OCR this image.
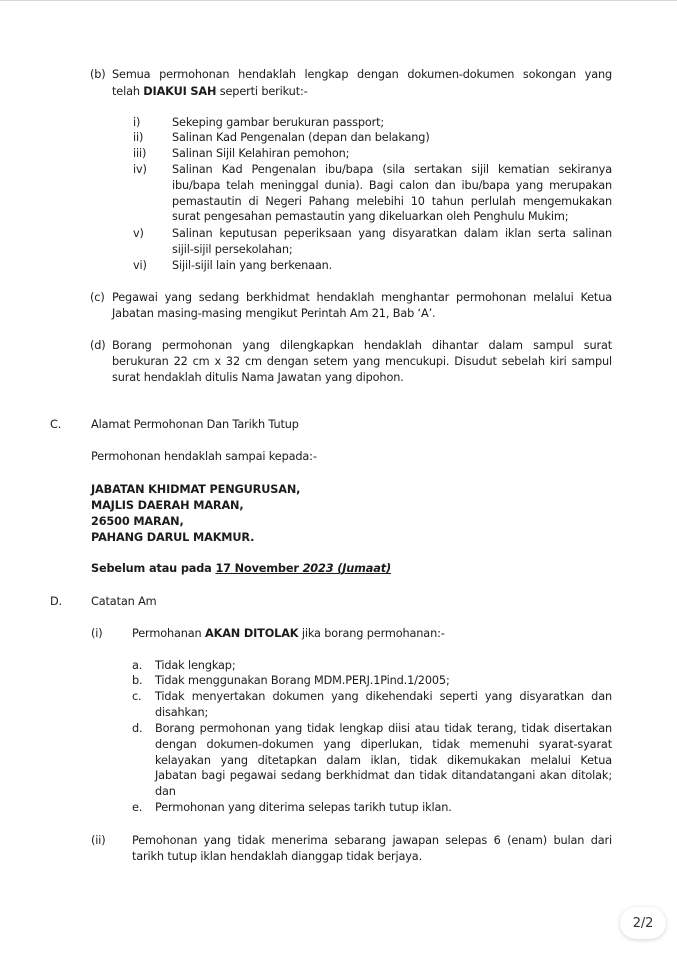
(b) Semua permohonan hendaklah lengkap dengan dokumen-dokumen sokongan yang
telah DIAKUI SAH seperti berikut:-
i)	Sekeping gambar berukuran passport;
ii)	Salinan Kad Pengenalan (depan dan belakang)
iii) Salinan Sijil Kelahiran pemohon;
iv) Salinan Kad Pengenalan ibu/bapa (sila sertakan sijil kematian sekiranya
ibu/bapa telah meninggal dunia). Bagi calon dan ibu/bapa yang merupakan
pemastautin di Negeri Pahang melebihi 10 tahun perlulah mengemukakan
surat pengesahan pemastautin yang dikeluarkan oleh Penghulu Mukim;
v) Salinan keputusan peperiksaan yang disyaratkan dalam iklan serta salinan
sijil-sijil persekolahan;
vi) Sijil-sijil lain yang berkenaan.
(c) Pegawai yang sedang berkhidmat hendaklah menghantar permohonan melalui Ketua
Jabatan masing-masing mengikut Perintah Am 21, Bab ‘A’.
(d) Borang permohonan yang dilengkapkan hendaklah dihantar dalam sampul surat
berukuran 22 cm x 32 cm dengan setem yang mencukupi. Disudut sebelah kiri sampul
surat hendaklah ditulis Nama Jawatan yang dipohon.
C.	Alamat Permohonan Dan Tarikh Tutup
Permohonan hendaklah sampai kepada:-
JABATAN KHIDMAT PENGURUSAN,
MAJLIS DAERAH MARAN,
26500 MARAN,
PAHANG DARUL MAKMUR.
Sebelum atau pada 17 November 2023 (Jumaat)
D.	Catatan Am
(i)	Permohanan AKAN DITOLAK jika borang permohanan:-
a. Tidak lengkap;
b. Tidak menggunakan Borang MDM.PERJ.1Pind.1/2005;
c. Tidak menyertakan dokumen yang dikehendaki seperti yang disyaratkan dan
disahkan;
d. Borang permohonan yang tidak lengkap diisi atau tidak terang, tidak disertakan
dengan dokumen-dokumen yang diperlukan, tidak memenuhi syarat-syarat
kelayakan yang ditetapkan dalam iklan, tidak dikemukakan melalui Ketua
Jabatan bagi pegawai sedang berkhidmat dan tidak ditandatangani akan ditolak;
dan
e. Permohonan yang diterima selepas tarikh tutup iklan.
(ii) Pemohonan yang tidak menerima sebarang jawapan selepas 6 (enam) bulan dari
tarikh tutup iklan hendaklah dianggap tidak berjaya.
2/2
